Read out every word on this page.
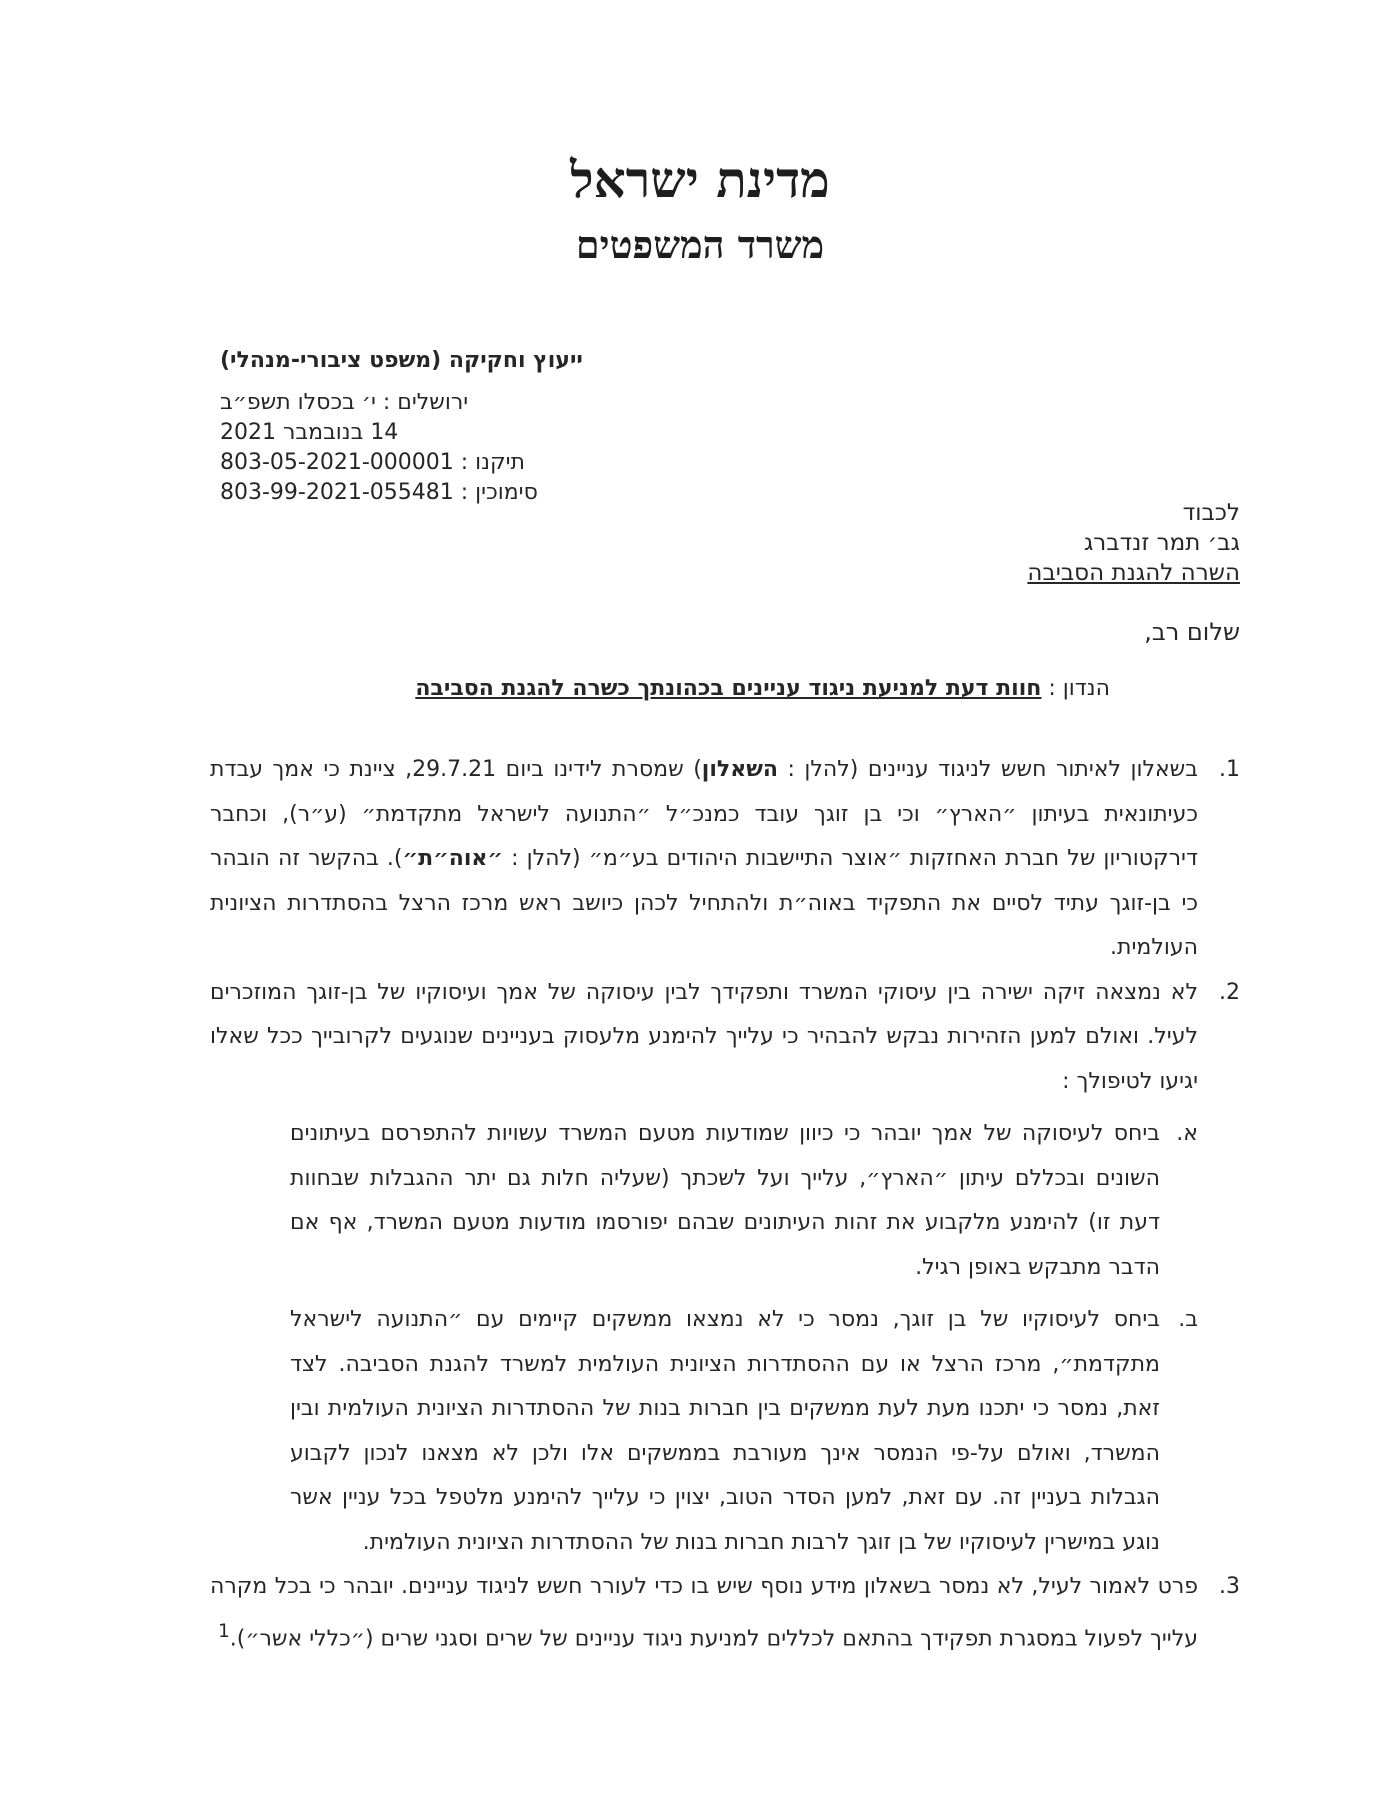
מדינת ישראל
משרד המשפטים
ייעוץ וחקיקה (משפט ציבורי-מנהלי)
ירושלים : י׳ בכסלו תשפ״ב
14 בנובמבר 2021
תיקנו : 803-05-2021-000001
סימוכין : 803-99-2021-055481
לכבוד
גב׳ תמר זנדברג
השרה להגנת הסביבה
שלום רב,
הנדון : חוות דעת למניעת ניגוד עניינים בכהונתך כשרה להגנת הסביבה
1.
בשאלון לאיתור חשש לניגוד עניינים (להלן : השאלון) שמסרת לידינו ביום 29.7.21, ציינת כי אמך עבדת כעיתונאית בעיתון ״הארץ״ וכי בן זוגך עובד כמנכ״ל ״התנועה לישראל מתקדמת״ (ע״ר), וכחבר דירקטוריון של חברת האחזקות ״אוצר התיישבות היהודים בע״מ״ (להלן : ״אוה״ת״). בהקשר זה הובהר כי בן-זוגך עתיד לסיים את התפקיד באוה״ת ולהתחיל לכהן כיושב ראש מרכז הרצל בהסתדרות הציונית העולמית.
2.
לא נמצאה זיקה ישירה בין עיסוקי המשרד ותפקידך לבין עיסוקה של אמך ועיסוקיו של בן-זוגך המוזכרים לעיל. ואולם למען הזהירות נבקש להבהיר כי עלייך להימנע מלעסוק בעניינים שנוגעים לקרובייך ככל שאלו יגיעו לטיפולך :
א.
ביחס לעיסוקה של אמך יובהר כי כיוון שמודעות מטעם המשרד עשויות להתפרסם בעיתונים השונים ובכללם עיתון ״הארץ״, עלייך ועל לשכתך (שעליה חלות גם יתר ההגבלות שבחוות דעת זו) להימנע מלקבוע את זהות העיתונים שבהם יפורסמו מודעות מטעם המשרד, אף אם הדבר מתבקש באופן רגיל.
ב.
ביחס לעיסוקיו של בן זוגך, נמסר כי לא נמצאו ממשקים קיימים עם ״התנועה לישראל מתקדמת״, מרכז הרצל או עם ההסתדרות הציונית העולמית למשרד להגנת הסביבה. לצד זאת, נמסר כי יתכנו מעת לעת ממשקים בין חברות בנות של ההסתדרות הציונית העולמית ובין המשרד, ואולם על-פי הנמסר אינך מעורבת בממשקים אלו ולכן לא מצאנו לנכון לקבוע הגבלות בעניין זה. עם זאת, למען הסדר הטוב, יצוין כי עלייך להימנע מלטפל בכל עניין אשר נוגע במישרין לעיסוקיו של בן זוגך לרבות חברות בנות של ההסתדרות הציונית העולמית.
3.
פרט לאמור לעיל, לא נמסר בשאלון מידע נוסף שיש בו כדי לעורר חשש לניגוד עניינים. יובהר כי בכל מקרה עלייך לפעול במסגרת תפקידך בהתאם לכללים למניעת ניגוד עניינים של שרים וסגני שרים (״כללי אשר״).$^1$
